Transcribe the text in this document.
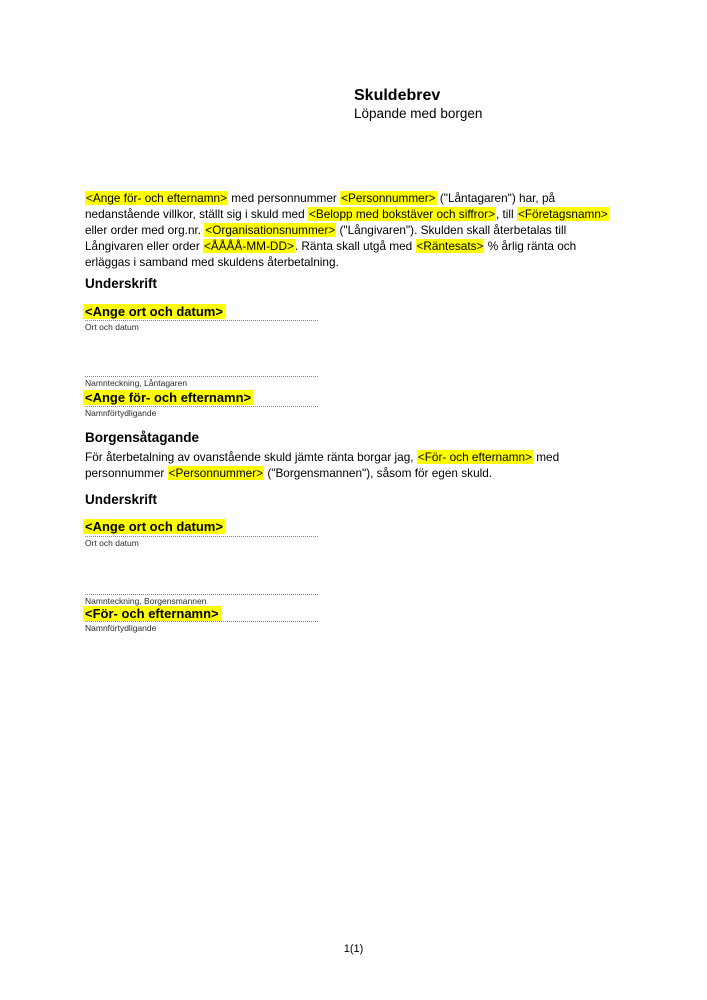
Skuldebrev
Löpande med borgen
<Ange för- och efternamn> med personnummer <Personnummer> ("Låntagaren") har, på
nedanstående villkor, ställt sig i skuld med <Belopp med bokstäver och siffror>, till <Företagsnamn>
eller order med org.nr. <Organisationsnummer> ("Långivaren"). Skulden skall återbetalas till
Långivaren eller order <ÅÅÅÅ-MM-DD>. Ränta skall utgå med <Räntesats> % årlig ränta och
erläggas i samband med skuldens återbetalning.
Underskrift
<Ange ort och datum>
Ort och datum
Namnteckning, Låntagaren
<Ange för- och efternamn>
Namnförtydligande
Borgensåtagande
För återbetalning av ovanstående skuld jämte ränta borgar jag, <För- och efternamn> med
personnummer <Personnummer> ("Borgensmannen"), såsom för egen skuld.
Underskrift
<Ange ort och datum>
Ort och datum
Namnteckning, Borgensmannen
<För- och efternamn>
Namnförtydligande
1(1)
